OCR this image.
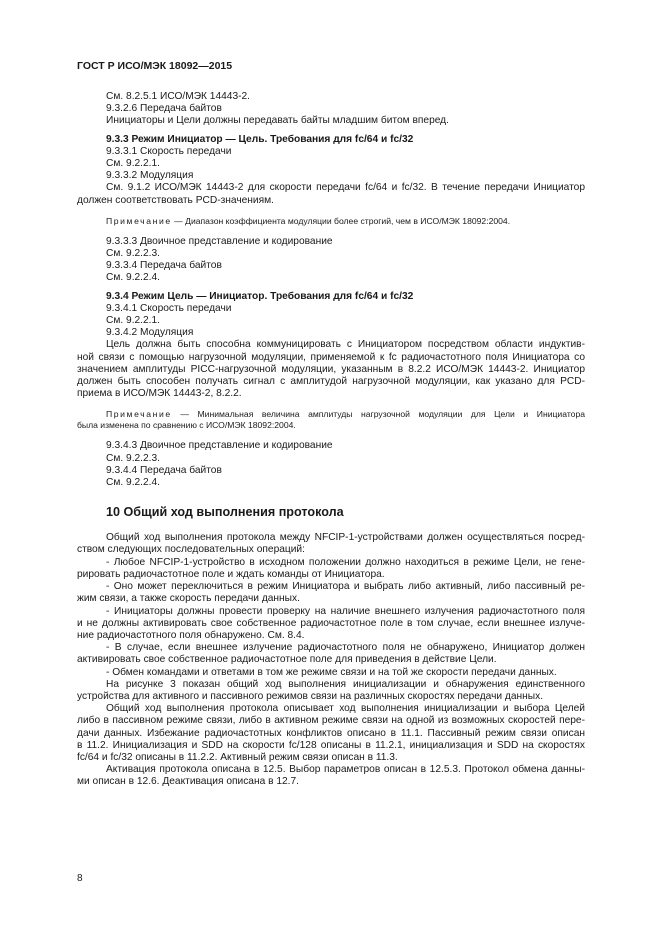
ГОСТ Р ИСО/МЭК 18092—2015
См. 8.2.5.1 ИСО/МЭК 14443-2.
9.3.2.6 Передача байтов
Инициаторы и Цели должны передавать байты младшим битом вперед.
9.3.3 Режим Инициатор — Цель. Требования для fc/64 и fc/32
9.3.3.1 Скорость передачи
См. 9.2.2.1.
9.3.3.2 Модуляция
См. 9.1.2 ИСО/МЭК 14443-2 для скорости передачи fc/64 и fc/32. В течение передачи Инициатор
должен соответствовать PCD-значениям.
Примечание — Диапазон коэффициента модуляции более строгий, чем в ИСО/МЭК 18092:2004.
9.3.3.3 Двоичное представление и кодирование
См. 9.2.2.3.
9.3.3.4 Передача байтов
См. 9.2.2.4.
9.3.4 Режим Цель — Инициатор. Требования для fc/64 и fc/32
9.3.4.1 Скорость передачи
См. 9.2.2.1.
9.3.4.2 Модуляция
Цель должна быть способна коммуницировать с Инициатором посредством области индуктив-
ной связи с помощью нагрузочной модуляции, применяемой к fc радиочастотного поля Инициатора со
значением амплитуды PICC-нагрузочной модуляции, указанным в 8.2.2 ИСО/МЭК 14443-2. Инициатор
должен быть способен получать сигнал с амплитудой нагрузочной модуляции, как указано для PCD-
приема в ИСО/МЭК 14443-2, 8.2.2.
Примечание — Минимальная величина амплитуды нагрузочной модуляции для Цели и Инициатора
была изменена по сравнению с ИСО/МЭК 18092:2004.
9.3.4.3 Двоичное представление и кодирование
См. 9.2.2.3.
9.3.4.4 Передача байтов
См. 9.2.2.4.
10 Общий ход выполнения протокола
Общий ход выполнения протокола между NFCIP-1-устройствами должен осуществляться посред-
ством следующих последовательных операций:
- Любое NFCIP-1-устройство в исходном положении должно находиться в режиме Цели, не гене-
рировать радиочастотное поле и ждать команды от Инициатора.
- Оно может переключиться в режим Инициатора и выбрать либо активный, либо пассивный ре-
жим связи, а также скорость передачи данных.
- Инициаторы должны провести проверку на наличие внешнего излучения радиочастотного поля
и не должны активировать свое собственное радиочастотное поле в том случае, если внешнее излуче-
ние радиочастотного поля обнаружено. См. 8.4.
- В случае, если внешнее излучение радиочастотного поля не обнаружено, Инициатор должен
активировать свое собственное радиочастотное поле для приведения в действие Цели.
- Обмен командами и ответами в том же режиме связи и на той же скорости передачи данных.
На рисунке 3 показан общий ход выполнения инициализации и обнаружения единственного
устройства для активного и пассивного режимов связи на различных скоростях передачи данных.
Общий ход выполнения протокола описывает ход выполнения инициализации и выбора Целей
либо в пассивном режиме связи, либо в активном режиме связи на одной из возможных скоростей пере-
дачи данных. Избежание радиочастотных конфликтов описано в 11.1. Пассивный режим связи описан
в 11.2. Инициализация и SDD на скорости fc/128 описаны в 11.2.1, инициализация и SDD на скоростях
fc/64 и fc/32 описаны в 11.2.2. Активный режим связи описан в 11.3.
Активация протокола описана в 12.5. Выбор параметров описан в 12.5.3. Протокол обмена данны-
ми описан в 12.6. Деактивация описана в 12.7.
8
